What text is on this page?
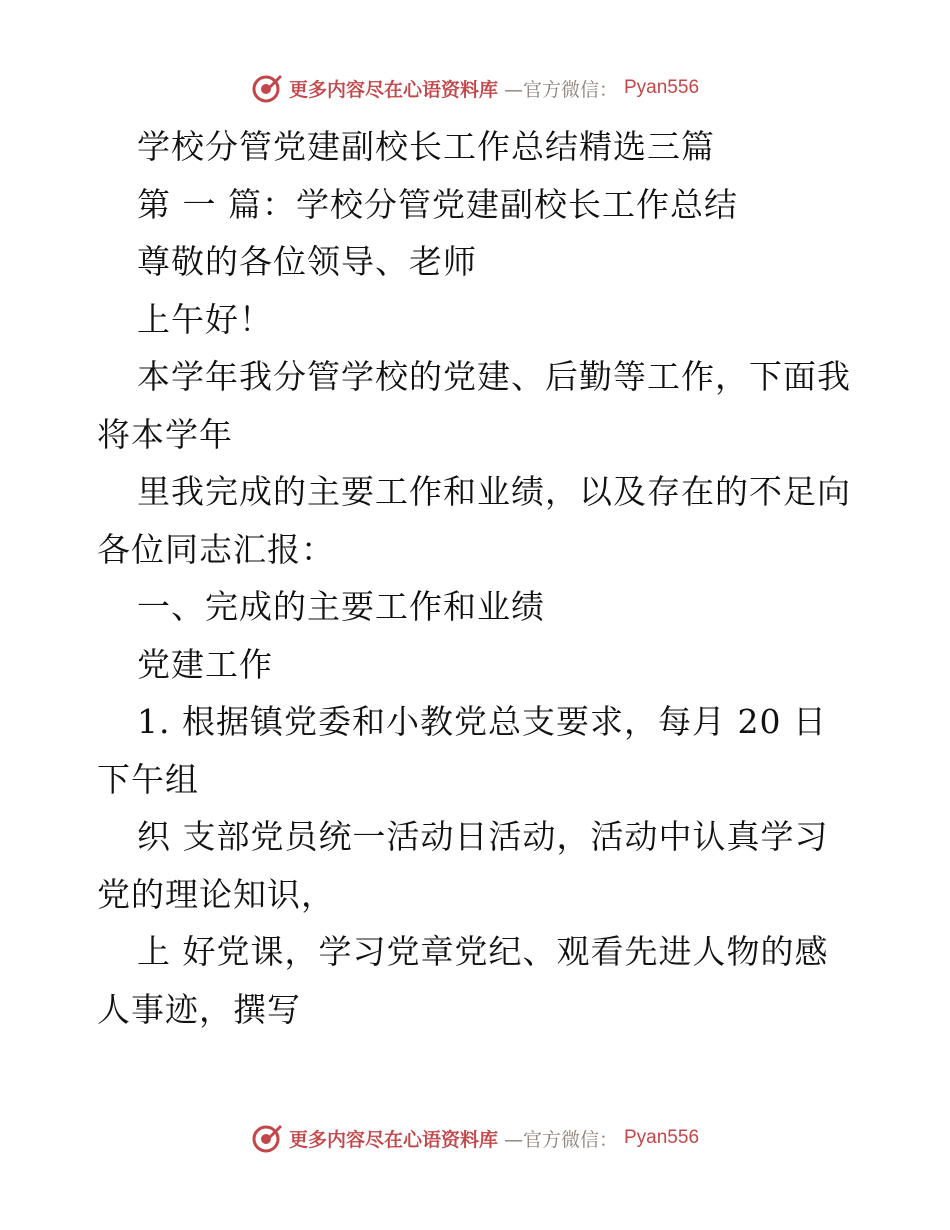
更多内容尽在心语资料库 —官方微信： Pyan556
学校分管党建副校长工作总结精选三篇
第 一 篇：学校分管党建副校长工作总结
尊敬的各位领导、老师
上午好！
本学年我分管学校的党建、后勤等工作，下面我
将本学年
里我完成的主要工作和业绩，以及存在的不足向
各位同志汇报：
一、完成的主要工作和业绩
党建工作
1. 根据镇党委和小教党总支要求，每月 20 日
下午组
织 支部党员统一活动日活动，活动中认真学习
党的理论知识，
上 好党课，学习党章党纪、观看先进人物的感
人事迹，撰写
更多内容尽在心语资料库 —官方微信： Pyan556
